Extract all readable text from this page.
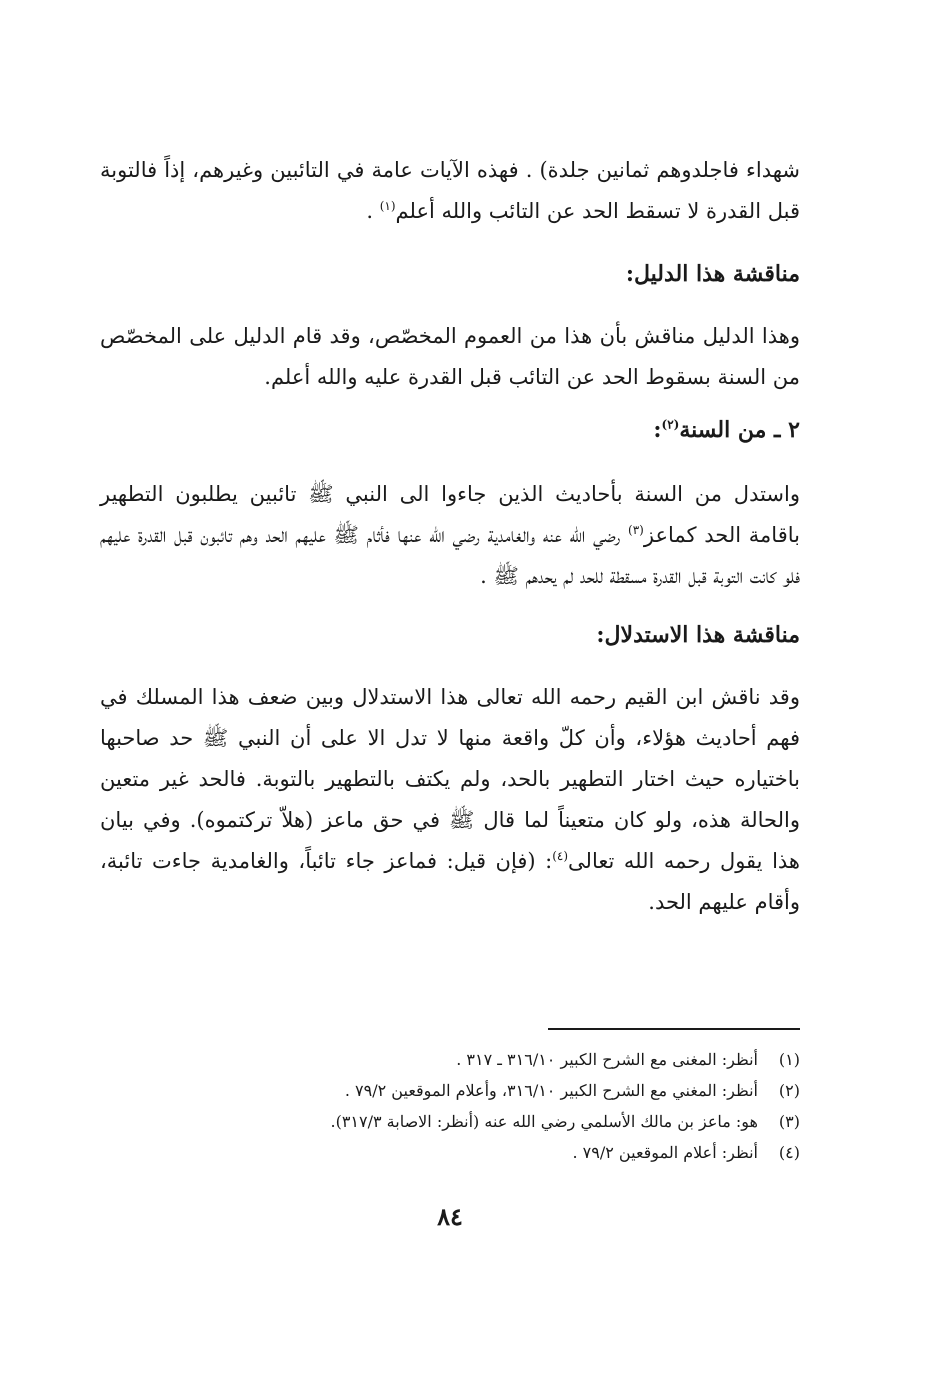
شهداء فاجلدوهم ثمانين جلدة) . فهذه الآيات عامة في التائبين وغيرهم، إذاً فالتوبة قبل القدرة لا تسقط الحد عن التائب والله أعلم$^{(١)}$ .

مناقشة هذا الدليل:

وهذا الدليل مناقش بأن هذا من العموم المخصّص، وقد قام الدليل على المخصّص من السنة بسقوط الحد عن التائب قبل القدرة عليه والله أعلم.

٢ ـ من السنة$^{(٢)}$:

واستدل من السنة بأحاديث الذين جاءوا الى النبي ﷺ تائبين يطلبون التطهير باقامة الحد كماعز$^{(٣)}$ رضي الله عنه والغامدية رضي الله عنها فأثام ﷺ عليهم الحد وهم تائبون قبل القدرة عليهم فلو كانت التوبة قبل القدرة مسقطة للحد لم يحدهم ﷺ .

مناقشة هذا الاستدلال:

وقد ناقش ابن القيم رحمه الله تعالى هذا الاستدلال وبين ضعف هذا المسلك في فهم أحاديث هؤلاء، وأن كلّ واقعة منها لا تدل الا على أن النبي ﷺ حد صاحبها باختياره حيث اختار التطهير بالحد، ولم يكتف بالتطهير بالتوبة. فالحد غير متعين والحالة هذه، ولو كان متعيناً لما قال ﷺ في حق ماعز (هلاّ تركتموه). وفي بيان هذا يقول رحمه الله تعالى$^{(٤)}$: (فإن قيل: فماعز جاء تائباً، والغامدية جاءت تائبة، وأقام عليهم الحد.

(١)أنظر: المغنى مع الشرح الكبير ٣١٦/١٠ ـ ٣١٧ .
(٢)أنظر: المغني مع الشرح الكبير ٣١٦/١٠، وأعلام الموقعين ٧٩/٢ .
(٣)هو: ماعز بن مالك الأسلمي رضي الله عنه (أنظر: الاصابة ٣١٧/٣).
(٤)أنظر: أعلام الموقعين ٧٩/٢ .
٨٤
